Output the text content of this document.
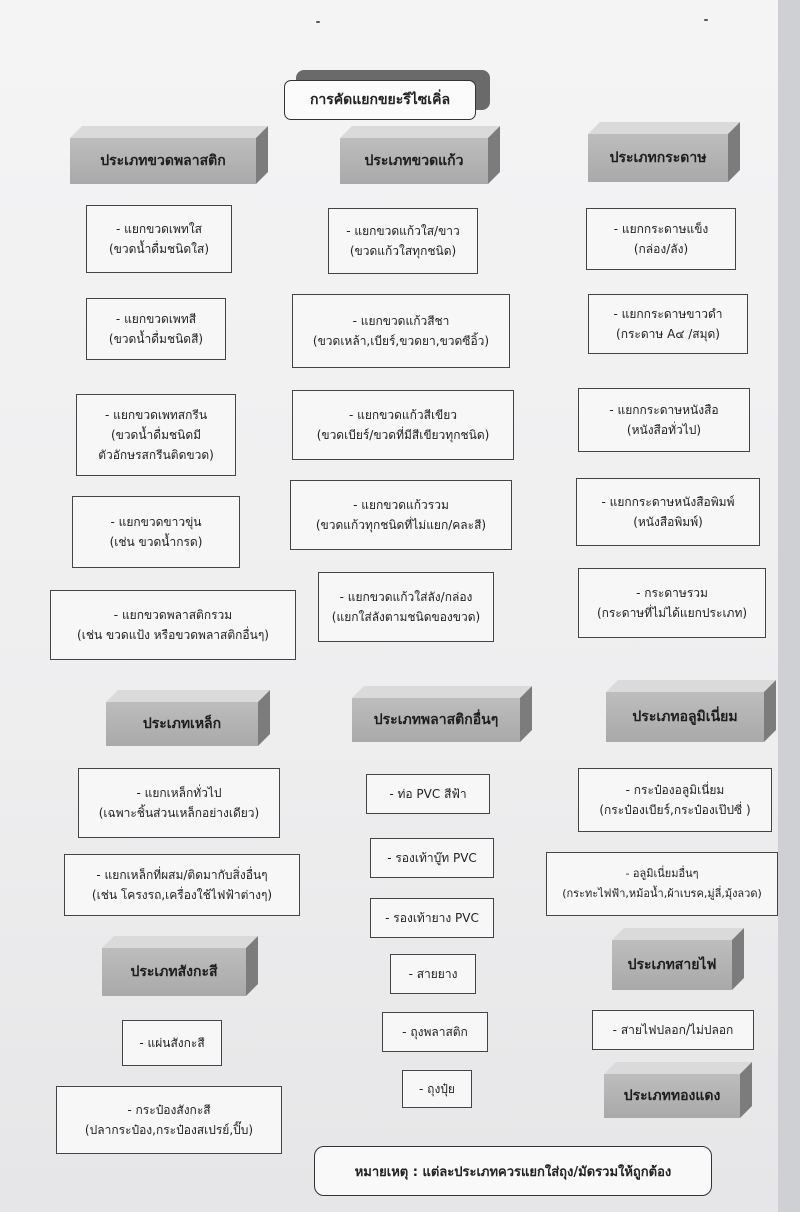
การคัดแยกขยะรีไซเคิ่ล
ประเภทขวดพลาสติก	ประเภทขวดแก้ว	ประเภทกระดาษ
- แยกขวดเพทใส
(ขวดน้ำดื่มชนิดใส)
- แยกขวดเพทสี
(ขวดน้ำดื่มชนิดสี)
- แยกขวดเพทสกรีน
(ขวดน้ำดื่มชนิดมี
ตัวอักษรสกรีนติดขวด)
- แยกขวดขาวขุ่น
(เช่น ขวดน้ำกรด)
- แยกขวดพลาสติกรวม
(เช่น ขวดแป้ง หรือขวดพลาสติกอื่นๆ)
- แยกขวดแก้วใส/ขาว
(ขวดแก้วใสทุกชนิด)
- แยกขวดแก้วสีชา
(ขวดเหล้า,เบียร์,ขวดยา,ขวดซีอิ้ว)
- แยกขวดแก้วสีเขียว
(ขวดเบียร์/ขวดที่มีสีเขียวทุกชนิด)
- แยกขวดแก้วรวม
(ขวดแก้วทุกชนิดที่ไม่แยก/คละสี)
- แยกขวดแก้วใส่ลัง/กล่อง
(แยกใส่ลังตามชนิดของขวด)
- แยกกระดาษแข็ง
(กล่อง/ลัง)
- แยกกระดาษขาวดำ
(กระดาษ A๔ /สมุด)
- แยกกระดาษหนังสือ
(หนังสือทั่วไป)
- แยกกระดาษหนังสือพิมพ์
(หนังสือพิมพ์)
- กระดาษรวม
(กระดาษที่ไม่ได้แยกประเภท)
ประเภทเหล็ก	ประเภทพลาสติกอื่นๆ	ประเภทอลูมิเนี่ยม
- แยกเหล็กทั่วไป
(เฉพาะชิ้นส่วนเหล็กอย่างเดียว)
- แยกเหล็กที่ผสม/ติดมากับสิ่งอื่นๆ
(เช่น โครงรถ,เครื่องใช้ไฟฟ้าต่างๆ)
- ท่อ PVC สีฟ้า
- รองเท้าบู๊ท PVC
- รองเท้ายาง PVC
- สายยาง
- ถุงพลาสติก
- ถุงปุ๋ย
- กระป๋องอลูมิเนี่ยม
(กระป๋องเบียร์,กระป๋องเป๊ปซี่ )
- อลูมิเนี่ยมอื่นๆ
(กระทะไฟฟ้า,หม้อน้ำ,ผ้าเบรค,มู่ลี่,มุ้งลวด)
ประเภทสังกะสี	ประเภทสายไฟ
- แผ่นสังกะสี
- กระป๋องสังกะสี
(ปลากระป๋อง,กระป๋องสเปรย์,ปิ๊บ)
- สายไฟปลอก/ไม่ปลอก
ประเภททองแดง
หมายเหตุ : แต่ละประเภทควรแยกใส่ถุง/มัดรวมให้ถูกต้อง
